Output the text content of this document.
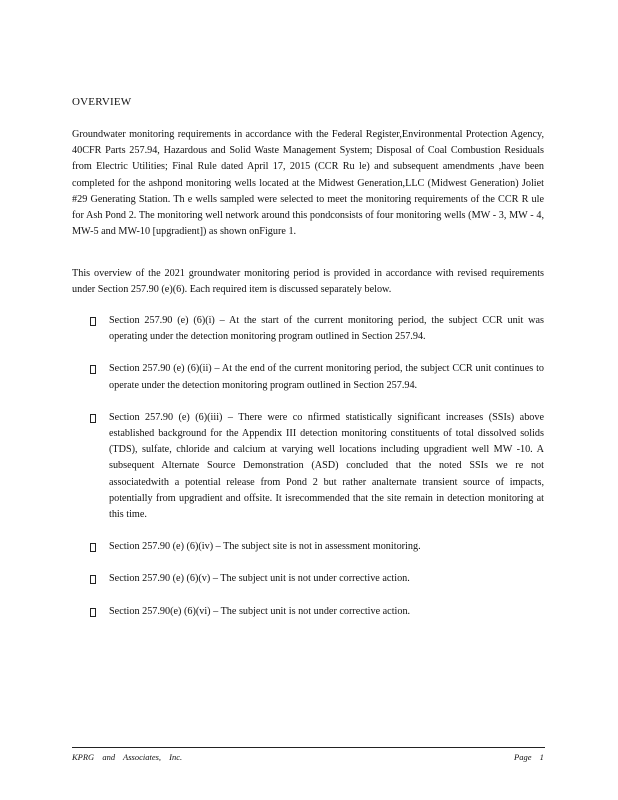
OVERVIEW

Groundwater monitoring requirements in accordance with the Federal Register,Environmental Protection Agency, 40CFR Parts 257.94, Hazardous and Solid Waste Management System; Disposal of Coal Combustion Residuals from Electric Utilities; Final Rule dated April 17, 2015 (CCR Ru le) and subsequent amendments ,have been completed for the ashpond monitoring wells located at the Midwest Generation,LLC (Midwest Generation) Joliet #29 Generating Station. Th e wells sampled were selected to meet the monitoring requirements of the CCR R ule for Ash Pond 2. The monitoring well network around this pondconsists of four monitoring wells (MW - 3, MW - 4, MW-5 and MW-10 [upgradient]) as shown onFigure 1.

This overview of the 2021 groundwater monitoring period is provided in accordance with revised requirements under Section 257.90 (e)(6). Each required item is discussed separately below.

Section 257.90 (e) (6)(i) – At the start of the current monitoring period, the subject CCR unit was operating under the detection monitoring program outlined in Section 257.94.
Section 257.90 (e) (6)(ii) – At the end of the current monitoring period, the subject CCR unit continues to operate under the detection monitoring program outlined in Section 257.94.
Section 257.90 (e) (6)(iii) – There were co nfirmed statistically significant increases (SSIs) above established background for the Appendix III detection monitoring constituents of total dissolved solids (TDS), sulfate, chloride and calcium at varying well locations including upgradient well MW -10. A subsequent Alternate Source Demonstration (ASD) concluded that the noted SSIs we re not associatedwith a potential release from Pond 2 but rather analternate transient source of impacts, potentially from upgradient and offsite. It isrecommended that the site remain in detection monitoring at this time.
Section 257.90 (e) (6)(iv) – The subject site is not in assessment monitoring.
Section 257.90 (e) (6)(v) – The subject unit is not under corrective action.
Section 257.90(e) (6)(vi) – The subject unit is not under corrective action.
KPRG and Associates, Inc.	Page 1
